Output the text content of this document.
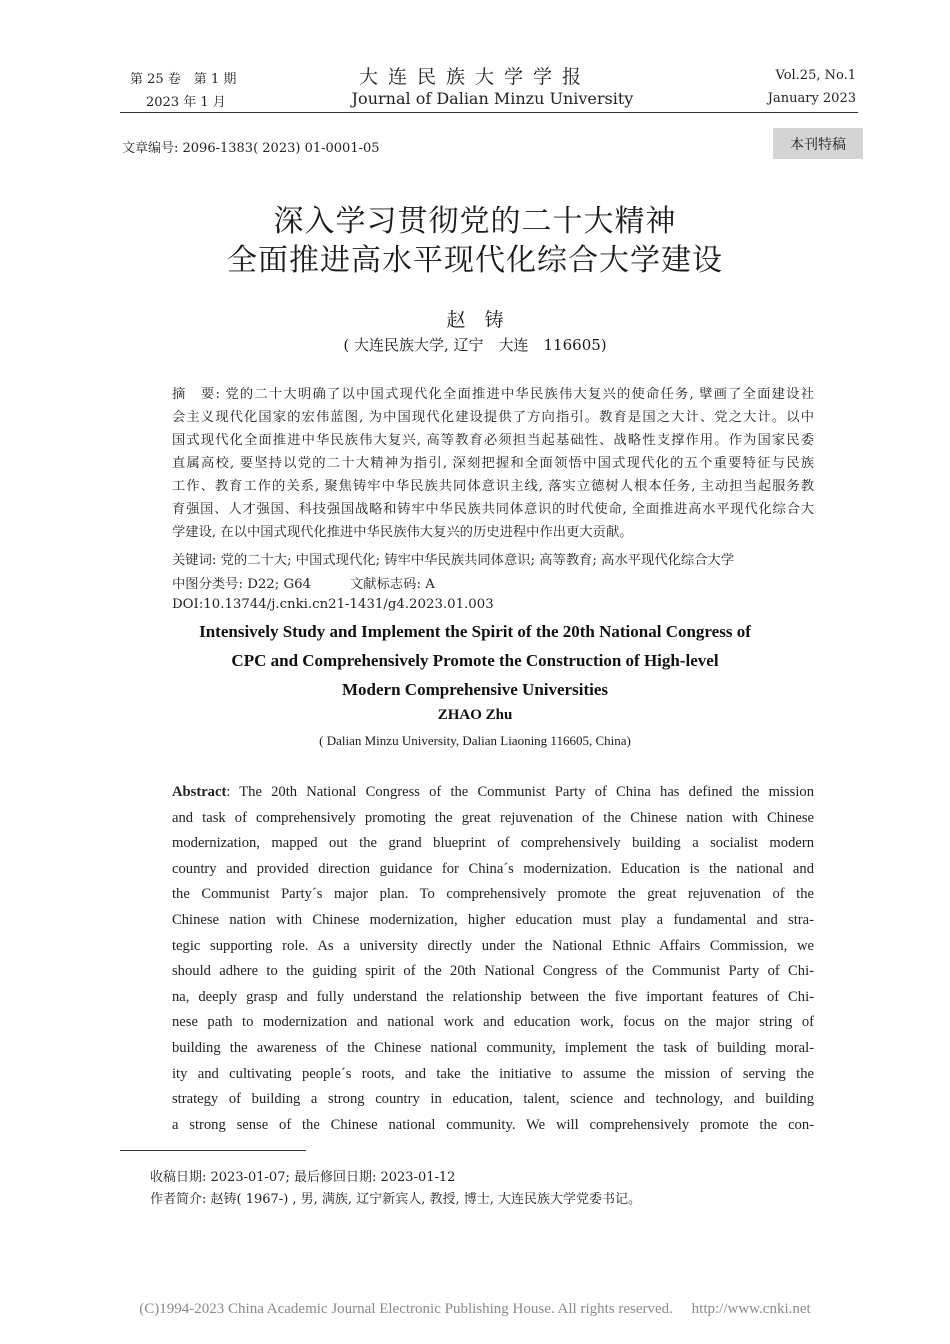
第 25 卷　第 1 期
2023 年 1 月
大连民族大学学报
Journal of Dalian Minzu University
Vol.25, No.1
January 2023
文章编号: 2096-1383( 2023) 01-0001-05	本刊特稿
深入学习贯彻党的二十大精神
全面推进高水平现代化综合大学建设
赵　铸
( 大连民族大学, 辽宁　大连　116605)
摘　要: 党的二十大明确了以中国式现代化全面推进中华民族伟大复兴的使命任务, 擘画了全面建设社
会主义现代化国家的宏伟蓝图, 为中国现代化建设提供了方向指引。教育是国之大计、党之大计。以中
国式现代化全面推进中华民族伟大复兴, 高等教育必须担当起基础性、战略性支撑作用。作为国家民委
直属高校, 要坚持以党的二十大精神为指引, 深刻把握和全面领悟中国式现代化的五个重要特征与民族
工作、教育工作的关系, 聚焦铸牢中华民族共同体意识主线, 落实立德树人根本任务, 主动担当起服务教
育强国、人才强国、科技强国战略和铸牢中华民族共同体意识的时代使命, 全面推进高水平现代化综合大
学建设, 在以中国式现代化推进中华民族伟大复兴的历史进程中作出更大贡献。
关键词: 党的二十大; 中国式现代化; 铸牢中华民族共同体意识; 高等教育; 高水平现代化综合大学
中图分类号: D22; G64	文献标志码: A
DOI:10.13744/j.cnki.cn21-1431/g4.2023.01.003
Intensively Study and Implement the Spirit of the 20th National Congress of
CPC and Comprehensively Promote the Construction of High-level
Modern Comprehensive Universities
ZHAO Zhu
( Dalian Minzu University, Dalian Liaoning 116605, China)
Abstract: The 20th National Congress of the Communist Party of China has defined the mission
and task of comprehensively promoting the great rejuvenation of the Chinese nation with Chinese
modernization, mapped out the grand blueprint of comprehensively building a socialist modern
country and provided direction guidance for China´s modernization. Education is the national and
the Communist Party´s major plan. To comprehensively promote the great rejuvenation of the
Chinese nation with Chinese modernization, higher education must play a fundamental and stra-
tegic supporting role. As a university directly under the National Ethnic Affairs Commission, we
should adhere to the guiding spirit of the 20th National Congress of the Communist Party of Chi-
na, deeply grasp and fully understand the relationship between the five important features of Chi-
nese path to modernization and national work and education work, focus on the major string of
building the awareness of the Chinese national community, implement the task of building moral-
ity and cultivating people´s roots, and take the initiative to assume the mission of serving the
strategy of building a strong country in education, talent, science and technology, and building
a strong sense of the Chinese national community. We will comprehensively promote the con-
收稿日期: 2023-01-07; 最后修回日期: 2023-01-12
作者简介: 赵铸( 1967-) , 男, 满族, 辽宁新宾人, 教授, 博士, 大连民族大学党委书记。
(C)1994-2023 China Academic Journal Electronic Publishing House. All rights reserved.　 http://www.cnki.net
